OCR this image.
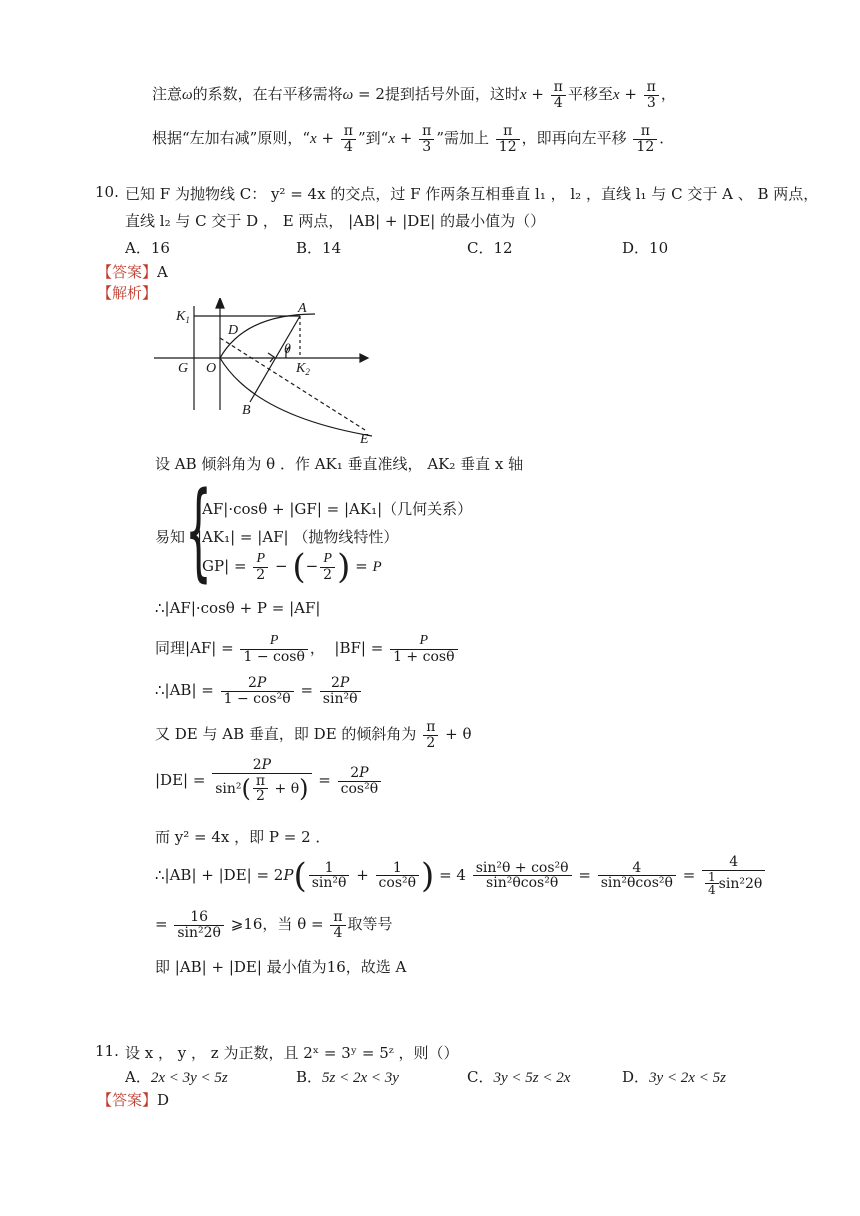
注意ω的系数，在右平移需将ω = 2提到括号外面，这时$x + \frac{\pi}{4}$ 平移至$x + \frac{\pi}{3}$ ，
根据“左加右减”原则，“$x + \frac{\pi}{4}$ ”到“$x + \frac{\pi}{3}$ ”需加上 $\frac{\pi}{12}$ ，即再向左平移 $\frac{\pi}{12}$ ．
10. 已知 F 为抛物线 C： y² = 4x 的交点，过 F 作两条互相垂直 l₁ ， l₂ ，直线 l₁ 与 C 交于 A 、 B 两点，
直线 l₂ 与 C 交于 D ， E 两点， |AB| + |DE| 的最小值为（）
A．16	B．14	C．12	D．10
【答案】A
【解析】
$K_1$
A
D
θ
G O	$K_2$
B
E
设 AB 倾斜角为 θ ．作 AK₁ 垂直准线， AK₂ 垂直 x 轴
易知 {
|AF|·cosθ + |GF| = |AK₁|（几何关系）
|AK₁| = |AF| （抛物线特性）
$|GP| = \frac{P}{2}$ − (− $\frac{P}{2}$ ) = P
∴|AF|·cosθ + P = |AF|
同理$|AF| = \frac{P}{1 - \cos\theta}$ ，  $|BF| = \frac{P}{1 + \cos\theta}$
∴|AB| = $\frac{2P}{\text{1 − cos²θ}} = \frac{2P}{\text{sin²θ}}$
又 DE 与 AB 垂直，即 DE 的倾斜角为 $\frac{\pi}{2} + \theta$
$|DE| = \frac{2P}{\sin^2( \frac{\pi}{2} + \theta)} = \frac{2P}{\text{cos²θ}}$
而 y² = 4x ，即 P = 2 ．
∴|AB| + $|DE| = 2P( \frac{1}{\text{sin²θ}} + \frac{1}{\text{cos²θ}}$ ) = $4 \frac{\text{sin²θ + cos²θ}}{\text{sin²θcos²θ}} = \frac{4}{\text{sin²θcos²θ}} = \frac{4}{\frac{1}{4} \sin^22\theta}$
= $\frac{16}{\text{sin²2θ}}$ ⩾16，当 $\theta = \frac{\pi}{4}$ 取等号
即 |AB| + |DE| 最小值为16，故选 A
11. 设 x ， y ， z 为正数，且 2ˣ = 3ʸ = 5ᶻ ，则（）
A．2x < 3y < 5z	B．5z < 2x < 3y	C．3y < 5z < 2x	D．3y < 2x < 5z
【答案】D
